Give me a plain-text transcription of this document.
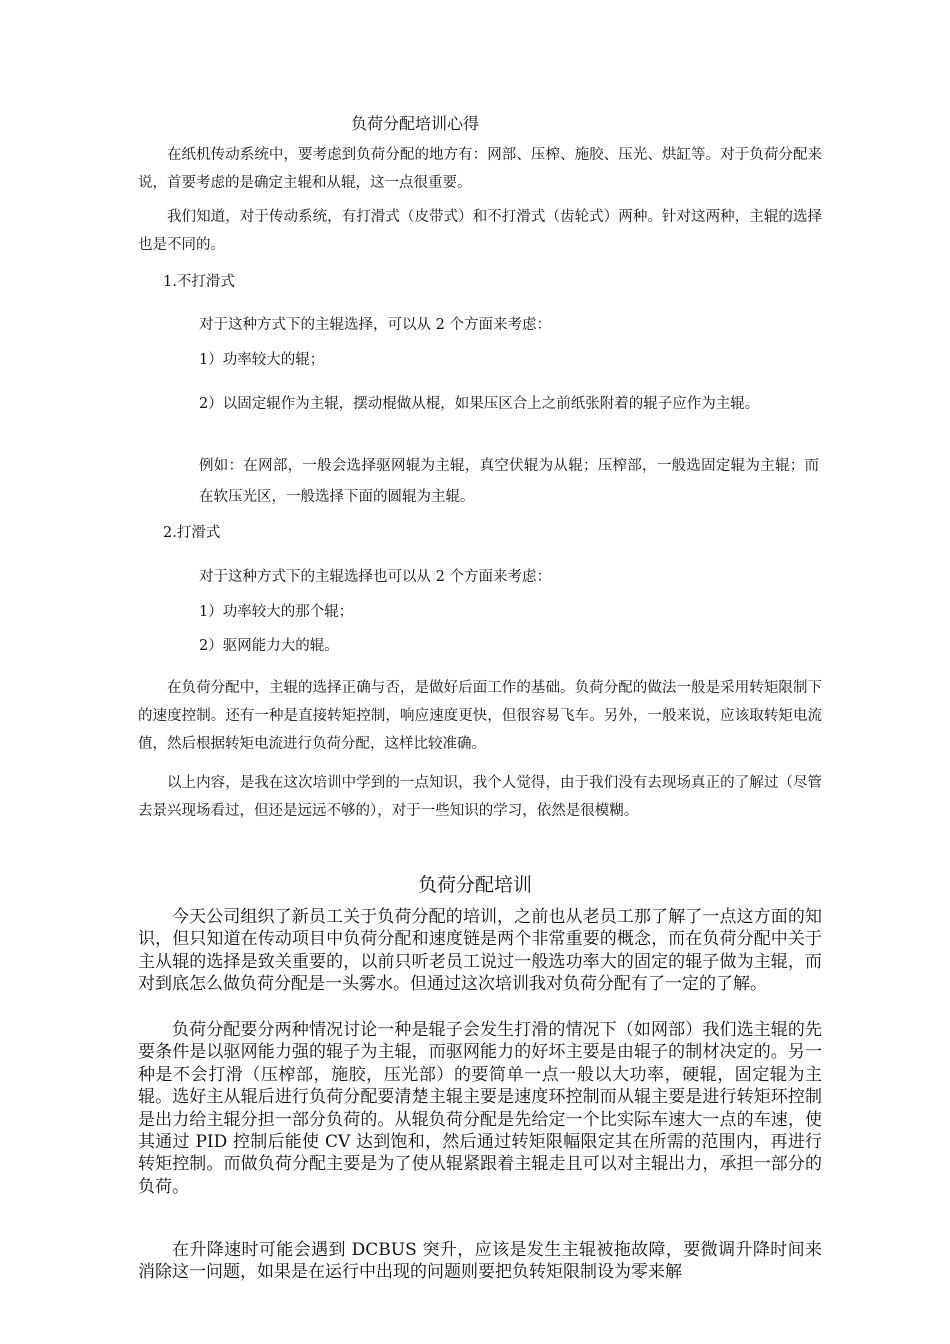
负荷分配培训心得

在纸机传动系统中，要考虑到负荷分配的地方有：网部、压榨、施胶、压光、烘缸等。对于负荷分配来说，首要考虑的是确定主辊和从辊，这一点很重要。

我们知道，对于传动系统，有打滑式（皮带式）和不打滑式（齿轮式）两种。针对这两种，主辊的选择也是不同的。

1.不打滑式

对于这种方式下的主辊选择，可以从 2 个方面来考虑：

1）功率较大的辊；

2）以固定辊作为主辊，摆动棍做从棍，如果压区合上之前纸张附着的辊子应作为主辊。

例如：在网部，一般会选择驱网辊为主辊，真空伏辊为从辊；压榨部，一般选固定辊为主辊；而在软压光区，一般选择下面的圆辊为主辊。

2.打滑式

对于这种方式下的主辊选择也可以从 2 个方面来考虑：

1）功率较大的那个辊；

2）驱网能力大的辊。

在负荷分配中，主辊的选择正确与否，是做好后面工作的基础。负荷分配的做法一般是采用转矩限制下的速度控制。还有一种是直接转矩控制，响应速度更快，但很容易飞车。另外，一般来说，应该取转矩电流值，然后根据转矩电流进行负荷分配，这样比较准确。

以上内容，是我在这次培训中学到的一点知识，我个人觉得，由于我们没有去现场真正的了解过（尽管去景兴现场看过，但还是远远不够的），对于一些知识的学习，依然是很模糊。

负荷分配培训

今天公司组织了新员工关于负荷分配的培训，之前也从老员工那了解了一点这方面的知识，但只知道在传动项目中负荷分配和速度链是两个非常重要的概念，而在负荷分配中关于主从辊的选择是致关重要的，以前只听老员工说过一般选功率大的固定的辊子做为主辊，而对到底怎么做负荷分配是一头雾水。但通过这次培训我对负荷分配有了一定的了解。

负荷分配要分两种情况讨论一种是辊子会发生打滑的情况下（如网部）我们选主辊的先要条件是以驱网能力强的辊子为主辊，而驱网能力的好坏主要是由辊子的制材决定的。另一种是不会打滑（压榨部，施胶，压光部）的要简单一点一般以大功率，硬辊，固定辊为主辊。选好主从辊后进行负荷分配要清楚主辊主要是速度环控制而从辊主要是进行转矩环控制是出力给主辊分担一部分负荷的。从辊负荷分配是先给定一个比实际车速大一点的车速，使其通过 PID 控制后能使 CV 达到饱和，然后通过转矩限幅限定其在所需的范围内，再进行转矩控制。而做负荷分配主要是为了使从辊紧跟着主辊走且可以对主辊出力，承担一部分的负荷。

在升降速时可能会遇到 DCBUS 突升，应该是发生主辊被拖故障，要微调升降时间来消除这一问题，如果是在运行中出现的问题则要把负转矩限制设为零来解
